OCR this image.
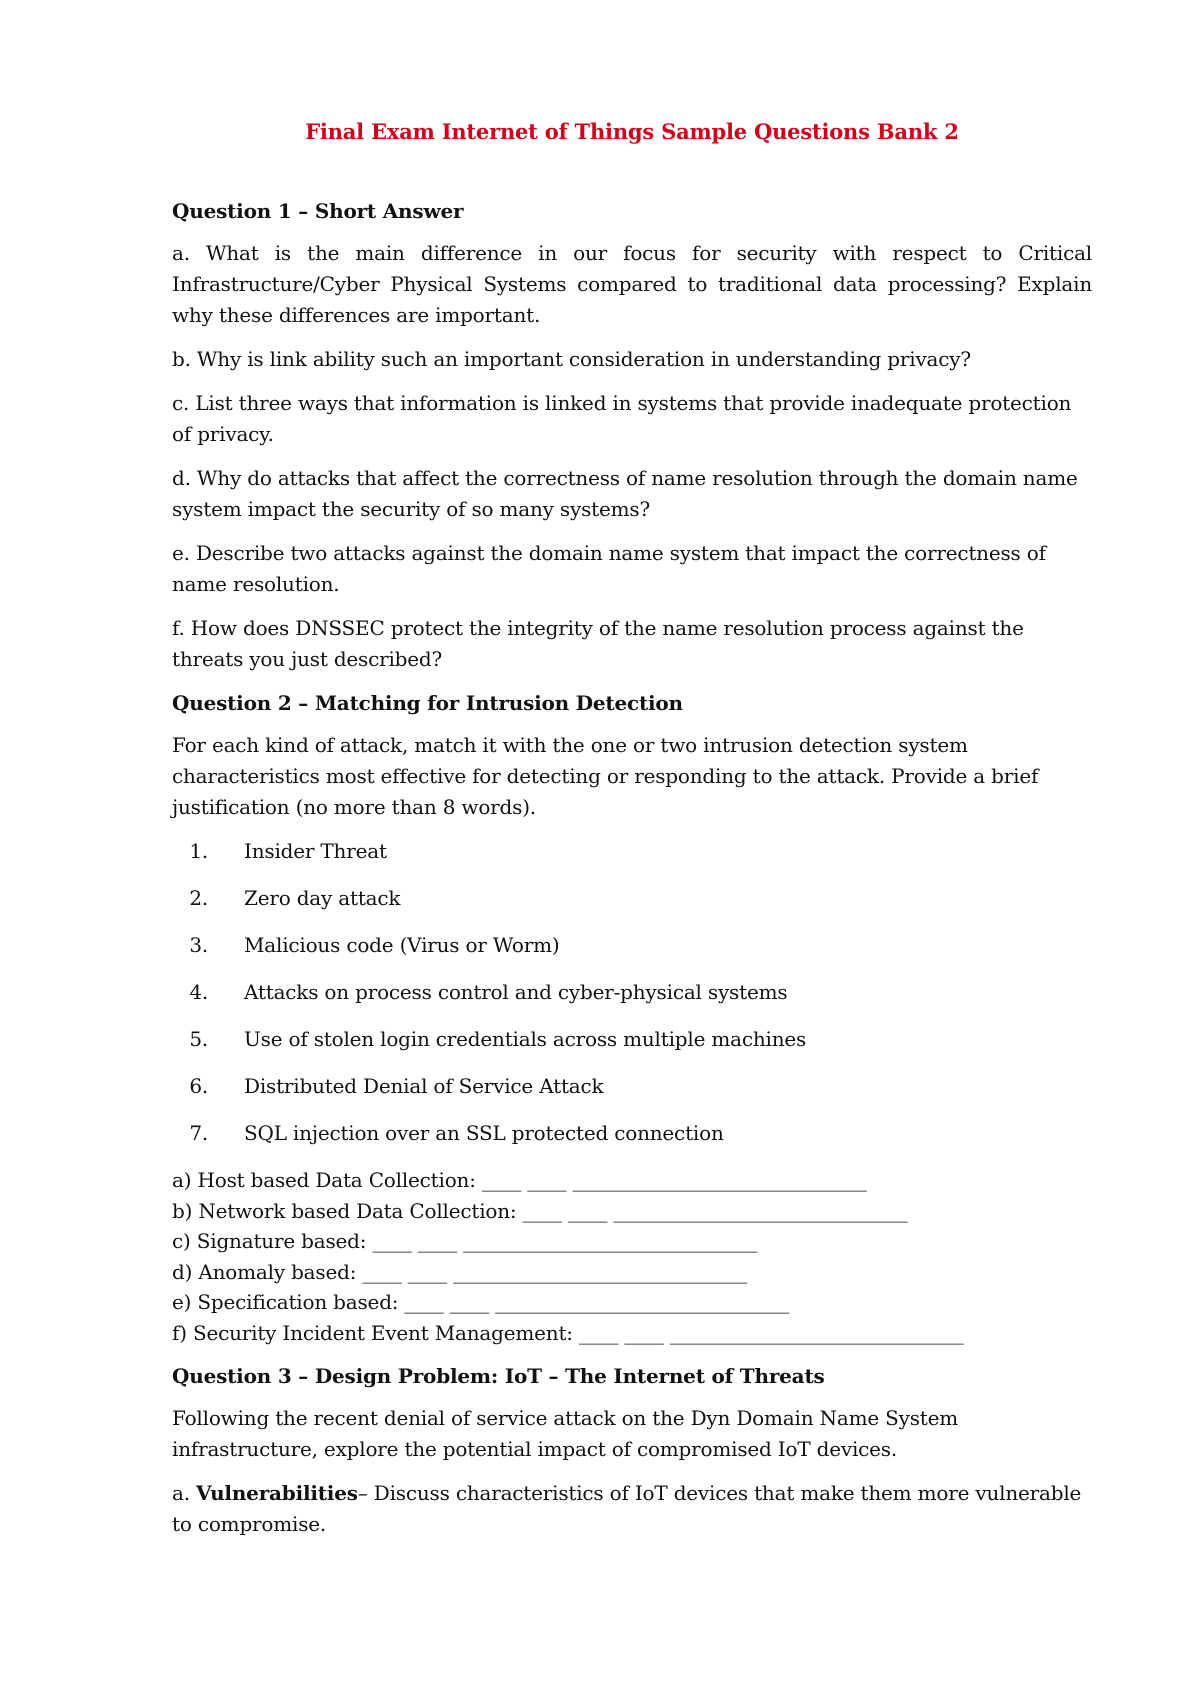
Final Exam Internet of Things Sample Questions Bank 2
Question 1 – Short Answer
a. What is the main difference in our focus for security with respect to Critical Infrastructure/Cyber Physical Systems compared to traditional data processing? Explain why these differences are important.
b. Why is link ability such an important consideration in understanding privacy?
c. List three ways that information is linked in systems that provide inadequate protection of privacy.
d. Why do attacks that affect the correctness of name resolution through the domain name system impact the security of so many systems?
e. Describe two attacks against the domain name system that impact the correctness of name resolution.
f. How does DNSSEC protect the integrity of the name resolution process against the threats you just described?
Question 2 – Matching for Intrusion Detection
For each kind of attack, match it with the one or two intrusion detection system characteristics most effective for detecting or responding to the attack. Provide a brief justification (no more than 8 words).
1. Insider Threat
2. Zero day attack
3. Malicious code (Virus or Worm)
4. Attacks on process control and cyber-physical systems
5. Use of stolen login credentials across multiple machines
6. Distributed Denial of Service Attack
7. SQL injection over an SSL protected connection
a) Host based Data Collection: ____ ____ ______________________________
b) Network based Data Collection: ____ ____ ______________________________
c) Signature based: ____ ____ ______________________________
d) Anomaly based: ____ ____ ______________________________
e) Specification based: ____ ____ ______________________________
f) Security Incident Event Management: ____ ____ ______________________________
Question 3 – Design Problem: IoT – The Internet of Threats
Following the recent denial of service attack on the Dyn Domain Name System infrastructure, explore the potential impact of compromised IoT devices.
a. Vulnerabilities– Discuss characteristics of IoT devices that make them more vulnerable to compromise.
